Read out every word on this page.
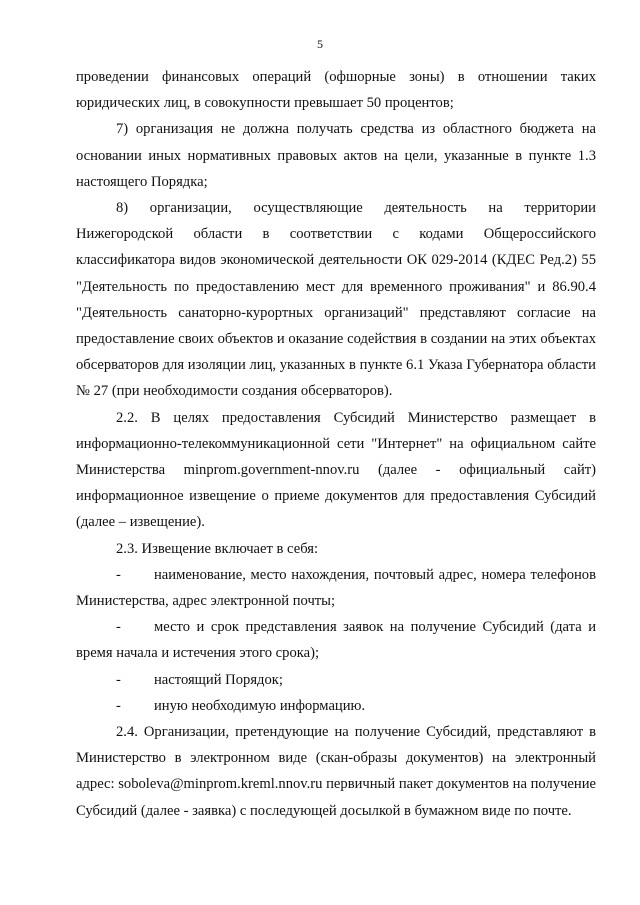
5

проведении финансовых операций (офшорные зоны) в отношении таких юридических лиц, в совокупности превышает 50 процентов;

7) организация не должна получать средства из областного бюджета на основании иных нормативных правовых актов на цели, указанные в пункте 1.3 настоящего Порядка;

8) организации, осуществляющие деятельность на территории Нижегородской области в соответствии с кодами Общероссийского классификатора видов экономической деятельности ОК 029-2014 (КДЕС Ред.2) 55 "Деятельность по предоставлению мест для временного проживания" и 86.90.4 "Деятельность санаторно-курортных организаций" представляют согласие на предоставление своих объектов и оказание содействия в создании на этих объектах обсерваторов для изоляции лиц, указанных в пункте 6.1 Указа Губернатора области № 27 (при необходимости создания обсерваторов).

2.2. В целях предоставления Субсидий Министерство размещает в информационно-телекоммуникационной сети "Интернет" на официальном сайте Министерства minprom.government-nnov.ru (далее - официальный сайт) информационное извещение о приеме документов для предоставления Субсидий (далее – извещение).

2.3. Извещение включает в себя:

- наименование, место нахождения, почтовый адрес, номера телефонов Министерства, адрес электронной почты;

- место и срок представления заявок на получение Субсидий (дата и время начала и истечения этого срока);

- настоящий Порядок;

- иную необходимую информацию.

2.4. Организации, претендующие на получение Субсидий, представляют в Министерство в электронном виде (скан-образы документов) на электронный адрес: soboleva@minprom.kreml.nnov.ru первичный пакет документов на получение Субсидий (далее - заявка) с последующей досылкой в бумажном виде по почте.
